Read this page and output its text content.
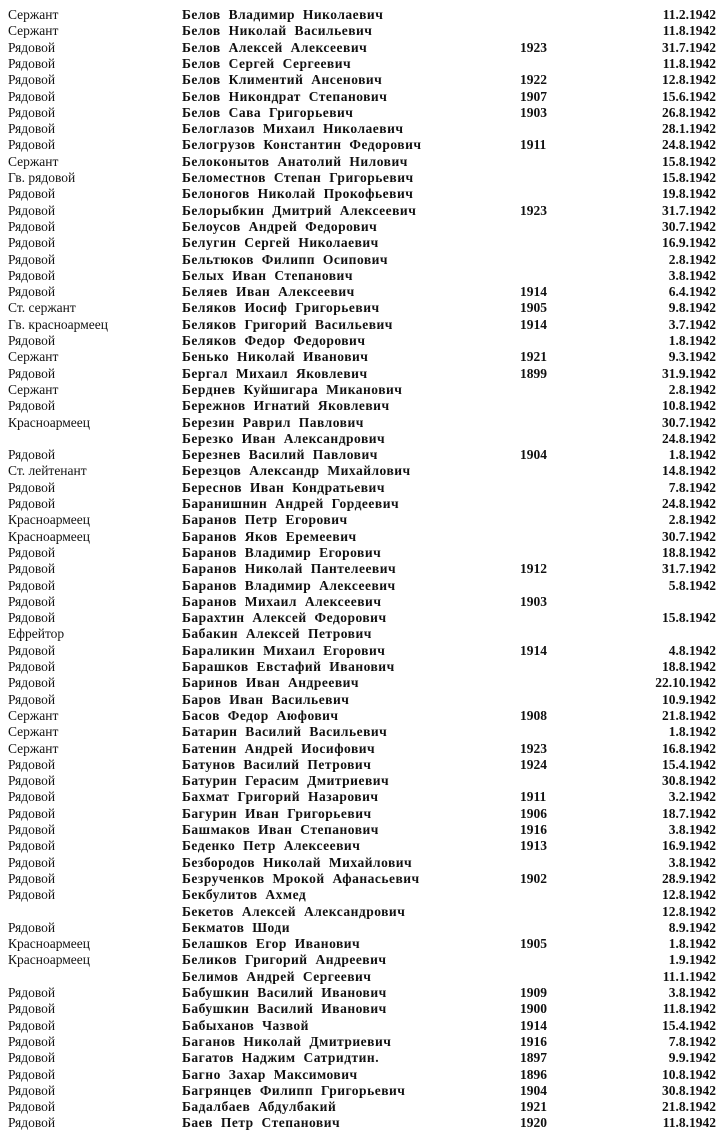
Сержант	Белов Владимир Николаевич	11.2.1942
Сержант	Белов Николай Васильевич	11.8.1942
Рядовой	Белов Алексей Алексеевич	1923	31.7.1942
Рядовой	Белов Сергей Сергеевич	11.8.1942
Рядовой	Белов Климентий Ансенович	1922	12.8.1942
Рядовой	Белов Никондрат Степанович	1907	15.6.1942
Рядовой	Белов Сава Григорьевич	1903	26.8.1942
Рядовой	Белоглазов Михаил Николаевич	28.1.1942
Рядовой	Белогрузов Константин Федорович	1911	24.8.1942
Сержант	Белоконытов Анатолий Нилович	15.8.1942
Гв. рядовой	Беломестнов Степан Григорьевич	15.8.1942
Рядовой	Белоногов Николай Прокофьевич	19.8.1942
Рядовой	Белорыбкин Дмитрий Алексеевич	1923	31.7.1942
Рядовой	Белоусов Андрей Федорович	30.7.1942
Рядовой	Белугин Сергей Николаевич	16.9.1942
Рядовой	Бельтюков Филипп Осипович	2.8.1942
Рядовой	Белых Иван Степанович	3.8.1942
Рядовой	Беляев Иван Алексеевич	1914	6.4.1942
Ст. сержант	Беляков Иосиф Григорьевич	1905	9.8.1942
Гв. красноармеец	Беляков Григорий Васильевич	1914	3.7.1942
Рядовой	Беляков Федор Федорович	1.8.1942
Сержант	Бенько Николай Иванович	1921	9.3.1942
Рядовой	Бергал Михаил Яковлевич	1899	31.9.1942
Сержант	Берднев Куйшигара Миканович	2.8.1942
Рядовой	Бережнов Игнатий Яковлевич	10.8.1942
Красноармеец	Березин Раврил Павлович	30.7.1942
Березко Иван Александрович	24.8.1942
Рядовой	Березнев Василий Павлович	1904	1.8.1942
Ст. лейтенант	Березцов Александр Михайлович	14.8.1942
Рядовой	Береснов Иван Кондратьевич	7.8.1942
Рядовой	Баранишнин Андрей Гордеевич	24.8.1942
Красноармеец	Баранов Петр Егорович	2.8.1942
Красноармеец	Баранов Яков Еремеевич	30.7.1942
Рядовой	Баранов Владимир Егорович	18.8.1942
Рядовой	Баранов Николай Пантелеевич	1912	31.7.1942
Рядовой	Баранов Владимир Алексеевич	5.8.1942
Рядовой	Баранов Михаил Алексеевич	1903
Рядовой	Барахтин Алексей Федорович	15.8.1942
Ефрейтор	Бабакин Алексей Петрович
Рядовой	Бараликин Михаил Егорович	1914	4.8.1942
Рядовой	Барашков Евстафий Иванович	18.8.1942
Рядовой	Баринов Иван Андреевич	22.10.1942
Рядовой	Баров Иван Васильевич	10.9.1942
Сержант	Басов Федор Аюфович	1908	21.8.1942
Сержант	Батарин Василий Васильевич	1.8.1942
Сержант	Батенин Андрей Иосифович	1923	16.8.1942
Рядовой	Батунов Василий Петрович	1924	15.4.1942
Рядовой	Батурин Герасим Дмитриевич	30.8.1942
Рядовой	Бахмат Григорий Назарович	1911	3.2.1942
Рядовой	Багурин Иван Григорьевич	1906	18.7.1942
Рядовой	Башмаков Иван Степанович	1916	3.8.1942
Рядовой	Беденко Петр Алексеевич	1913	16.9.1942
Рядовой	Безбородов Николай Михайлович	3.8.1942
Рядовой	Безрученков Мрокой Афанасьевич	1902	28.9.1942
Рядовой	Бекбулитов Ахмед	12.8.1942
Бекетов Алексей Александрович	12.8.1942
Рядовой	Бекматов Шоди	8.9.1942
Красноармеец	Белашков Егор Иванович	1905	1.8.1942
Красноармеец	Беликов Григорий Андреевич	1.9.1942
Белимов Андрей Сергеевич	11.1.1942
Рядовой	Бабушкин Василий Иванович	1909	3.8.1942
Рядовой	Бабушкин Василий Иванович	1900	11.8.1942
Рядовой	Бабыханов Чазвой	1914	15.4.1942
Рядовой	Баганов Николай Дмитриевич	1916	7.8.1942
Рядовой	Багатов Наджим Сатридтин.	1897	9.9.1942
Рядовой	Багно Захар Максимович	1896	10.8.1942
Рядовой	Багрянцев Филипп Григорьевич	1904	30.8.1942
Рядовой	Бадалбаев Абдулбакий	1921	21.8.1942
Рядовой	Баев Петр Степанович	1920	11.8.1942
